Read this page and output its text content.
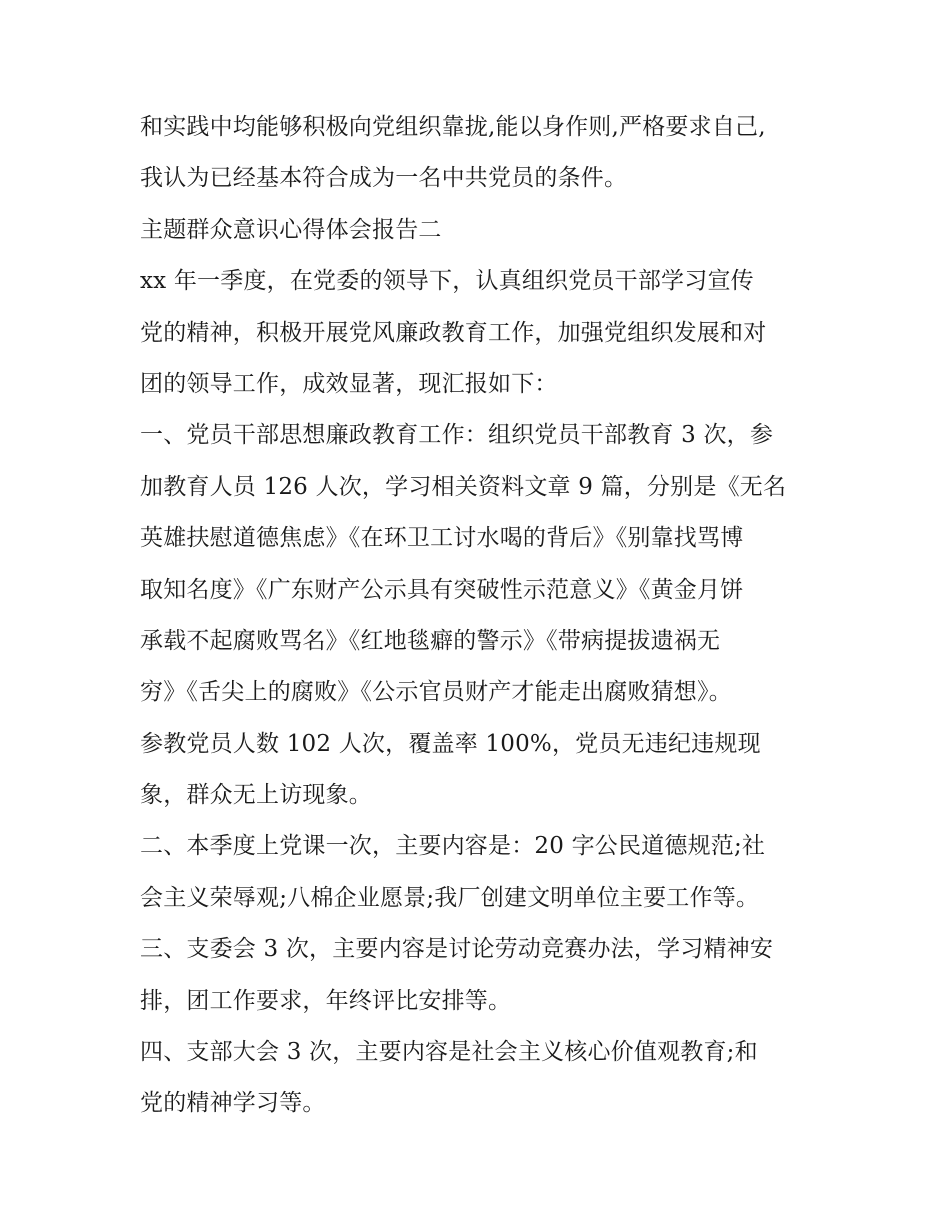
和实践中均能够积极向党组织靠拢,能以身作则,严格要求自己,
我认为已经基本符合成为一名中共党员的条件。
主题群众意识心得体会报告二
xx 年一季度，在党委的领导下，认真组织党员干部学习宣传
党的精神，积极开展党风廉政教育工作，加强党组织发展和对
团的领导工作，成效显著，现汇报如下：
一、党员干部思想廉政教育工作：组织党员干部教育 3 次，参
加教育人员 126 人次，学习相关资料文章 9 篇，分别是《无名
英雄扶慰道德焦虑》《在环卫工讨水喝的背后》《别靠找骂博
取知名度》《广东财产公示具有突破性示范意义》《黄金月饼
承载不起腐败骂名》《红地毯癖的警示》《带病提拔遗祸无
穷》《舌尖上的腐败》《公示官员财产才能走出腐败猜想》。
参教党员人数 102 人次，覆盖率 100%，党员无违纪违规现
象，群众无上访现象。
二、本季度上党课一次，主要内容是：20 字公民道德规范;社
会主义荣辱观;八棉企业愿景;我厂创建文明单位主要工作等。
三、支委会 3 次，主要内容是讨论劳动竞赛办法，学习精神安
排，团工作要求，年终评比安排等。
四、支部大会 3 次，主要内容是社会主义核心价值观教育;和
党的精神学习等。
